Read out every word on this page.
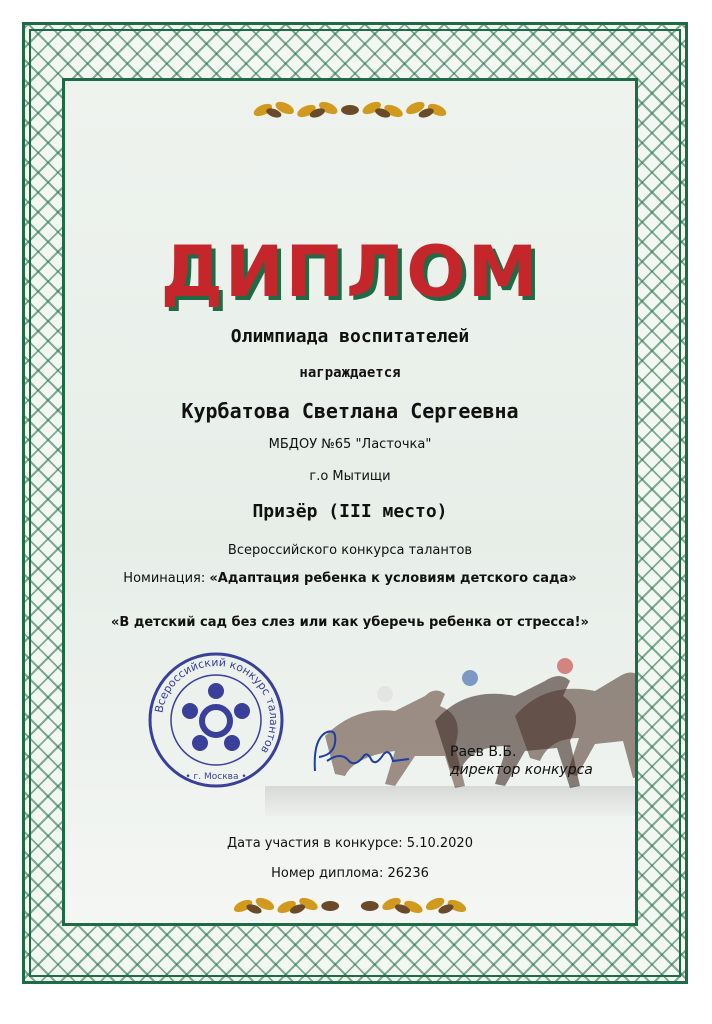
ДИПЛОМ
Олимпиада воспитателей
награждается
Курбатова Светлана Сергеевна
МБДОУ №65 "Ласточка"
г.о Мытищи
Призёр (III место)
Всероссийского конкурса талантов
Номинация: «Адаптация ребенка к условиям детского сада»
«В детский сад без слез или как уберечь ребенка от стресса!»
Всероссийский конкурс талантов
• г. Москва •
Раев В.Б.
директор конкурса
Дата участия в конкурсе: 5.10.2020
Номер диплома: 26236
